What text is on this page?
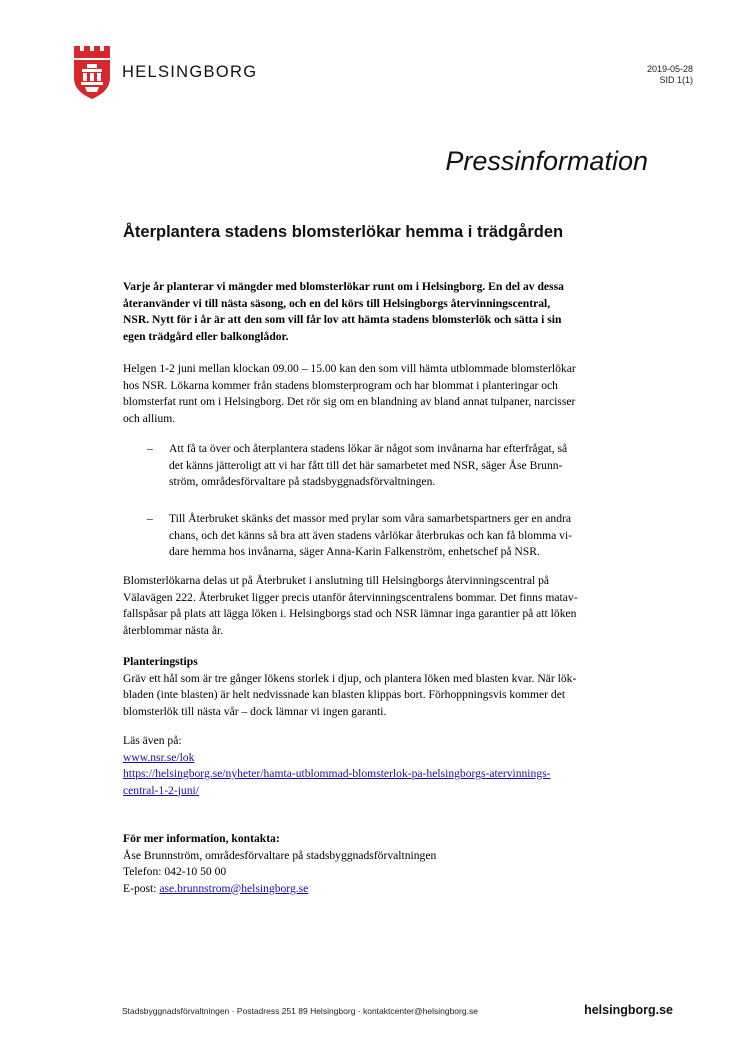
HELSINGBORG	2019-05-28
SID 1(1)
Pressinformation
Återplantera stadens blomsterlökar hemma i trädgården
Varje år planterar vi mängder med blomsterlökar runt om i Helsingborg. En del av dessa
återanvänder vi till nästa säsong, och en del körs till Helsingborgs återvinningscentral,
NSR. Nytt för i år är att den som vill får lov att hämta stadens blomsterlök och sätta i sin
egen trädgård eller balkonglådor.
Helgen 1-2 juni mellan klockan 09.00 – 15.00 kan den som vill hämta utblommade blomsterlökar
hos NSR. Lökarna kommer från stadens blomsterprogram och har blommat i planteringar och
blomsterfat runt om i Helsingborg. Det rör sig om en blandning av bland annat tulpaner, narcisser
och allium.
– Att få ta över och återplantera stadens lökar är något som invånarna har efterfrågat, så
det känns jätteroligt att vi har fått till det här samarbetet med NSR, säger Åse Brunn-
ström, områdesförvaltare på stadsbyggnadsförvaltningen.
– Till Återbruket skänks det massor med prylar som våra samarbetspartners ger en andra
chans, och det känns så bra att även stadens vårlökar återbrukas och kan få blomma vi-
dare hemma hos invånarna, säger Anna-Karin Falkenström, enhetschef på NSR.
Blomsterlökarna delas ut på Återbruket i anslutning till Helsingborgs återvinningscentral på
Välavägen 222. Återbruket ligger precis utanför återvinningscentralens bommar. Det finns matav-
fallspåsar på plats att lägga löken i. Helsingborgs stad och NSR lämnar inga garantier på att löken
återblommar nästa år.
Planteringstips
Gräv ett hål som är tre gånger lökens storlek i djup, och plantera löken med blasten kvar. När lök-
bladen (inte blasten) är helt nedvissnade kan blasten klippas bort. Förhoppningsvis kommer det
blomsterlök till nästa vår – dock lämnar vi ingen garanti.
Läs även på:
www.nsr.se/lok
https://helsingborg.se/nyheter/hamta-utblommad-blomsterlok-pa-helsingborgs-atervinnings-
central-1-2-juni/
För mer information, kontakta:
Åse Brunnström, områdesförvaltare på stadsbyggnadsförvaltningen
Telefon: 042-10 50 00
E-post: ase.brunnstrom@helsingborg.se
Stadsbyggnadsförvaltningen · Postadress 251 89 Helsingborg · kontaktcenter@helsingborg.se	helsingborg.se
